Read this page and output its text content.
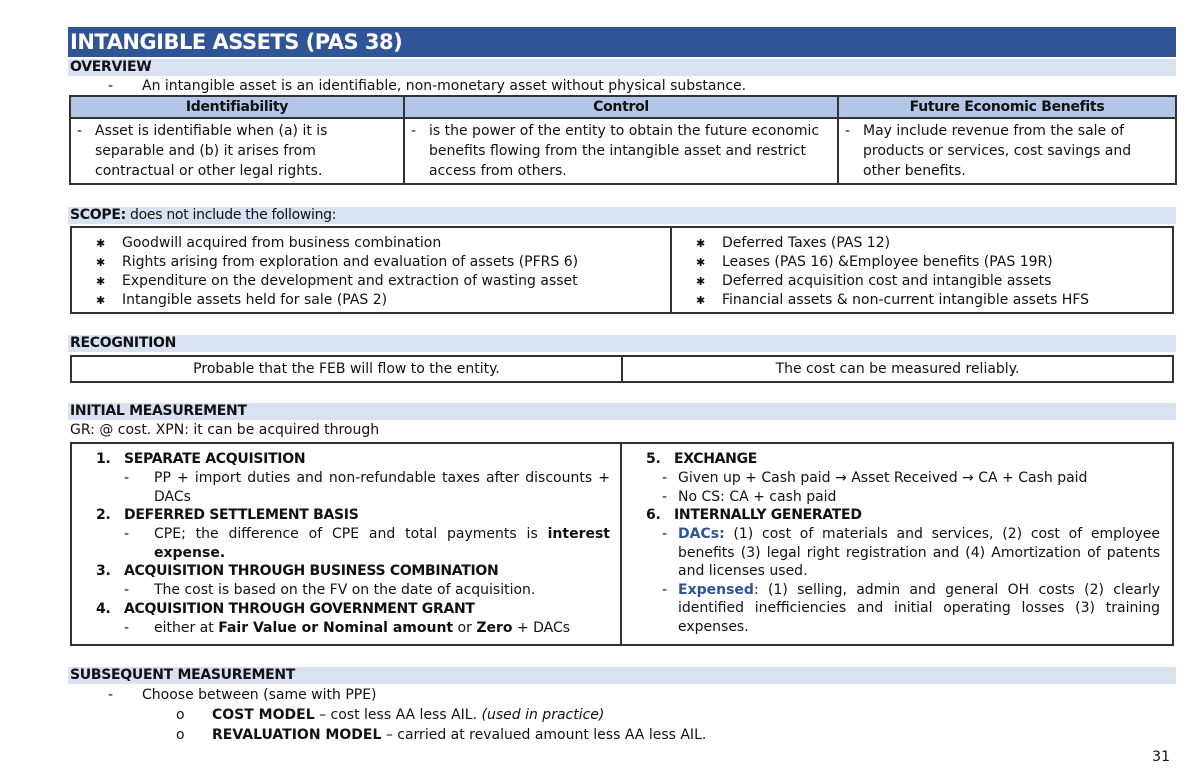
INTANGIBLE ASSETS (PAS 38)
OVERVIEW
-	An intangible asset is an identifiable, non-monetary asset without physical substance.
Identifiability	Control	Future Economic Benefits

- Asset is identifiable when (a) it is separable and (b) it arises from contractual or other legal rights.	- is the power of the entity to obtain the future economic benefits flowing from the intangible asset and restrict access from others.	- May include revenue from the sale of products or services, cost savings and other benefits.
SCOPE: does not include the following:
✱	Goodwill acquired from business combination
✱	Rights arising from exploration and evaluation of assets (PFRS 6)
✱	Expenditure on the development and extraction of wasting asset
✱	Intangible assets held for sale (PAS 2)
✱	Deferred Taxes (PAS 12)
✱	Leases (PAS 16) &Employee benefits (PAS 19R)
✱	Deferred acquisition cost and intangible assets
✱	Financial assets & non-current intangible assets HFS
RECOGNITION
Probable that the FEB will flow to the entity.	The cost can be measured reliably.
INITIAL MEASUREMENT
GR: @ cost. XPN: it can be acquired through
1. SEPARATE ACQUISITION
-	PP + import duties and non-refundable taxes after discounts + DACs
2. DEFERRED SETTLEMENT BASIS
-	CPE; the difference of CPE and total payments is interest expense.
3. ACQUISITION THROUGH BUSINESS COMBINATION
-	The cost is based on the FV on the date of acquisition.
4. ACQUISITION THROUGH GOVERNMENT GRANT
-	either at Fair Value or Nominal amount or Zero + DACs
5. EXCHANGE
- Given up + Cash paid → Asset Received → CA + Cash paid
- No CS: CA + cash paid
6. INTERNALLY GENERATED
- DACs: (1) cost of materials and services, (2) cost of employee benefits (3) legal right registration and (4) Amortization of patents and licenses used.
- Expensed: (1) selling, admin and general OH costs (2) clearly identified inefficiencies and initial operating losses (3) training expenses.
SUBSEQUENT MEASUREMENT
-	Choose between (same with PPE)
o	COST MODEL – cost less AA less AIL. (used in practice)
o	REVALUATION MODEL – carried at revalued amount less AA less AIL.
31
